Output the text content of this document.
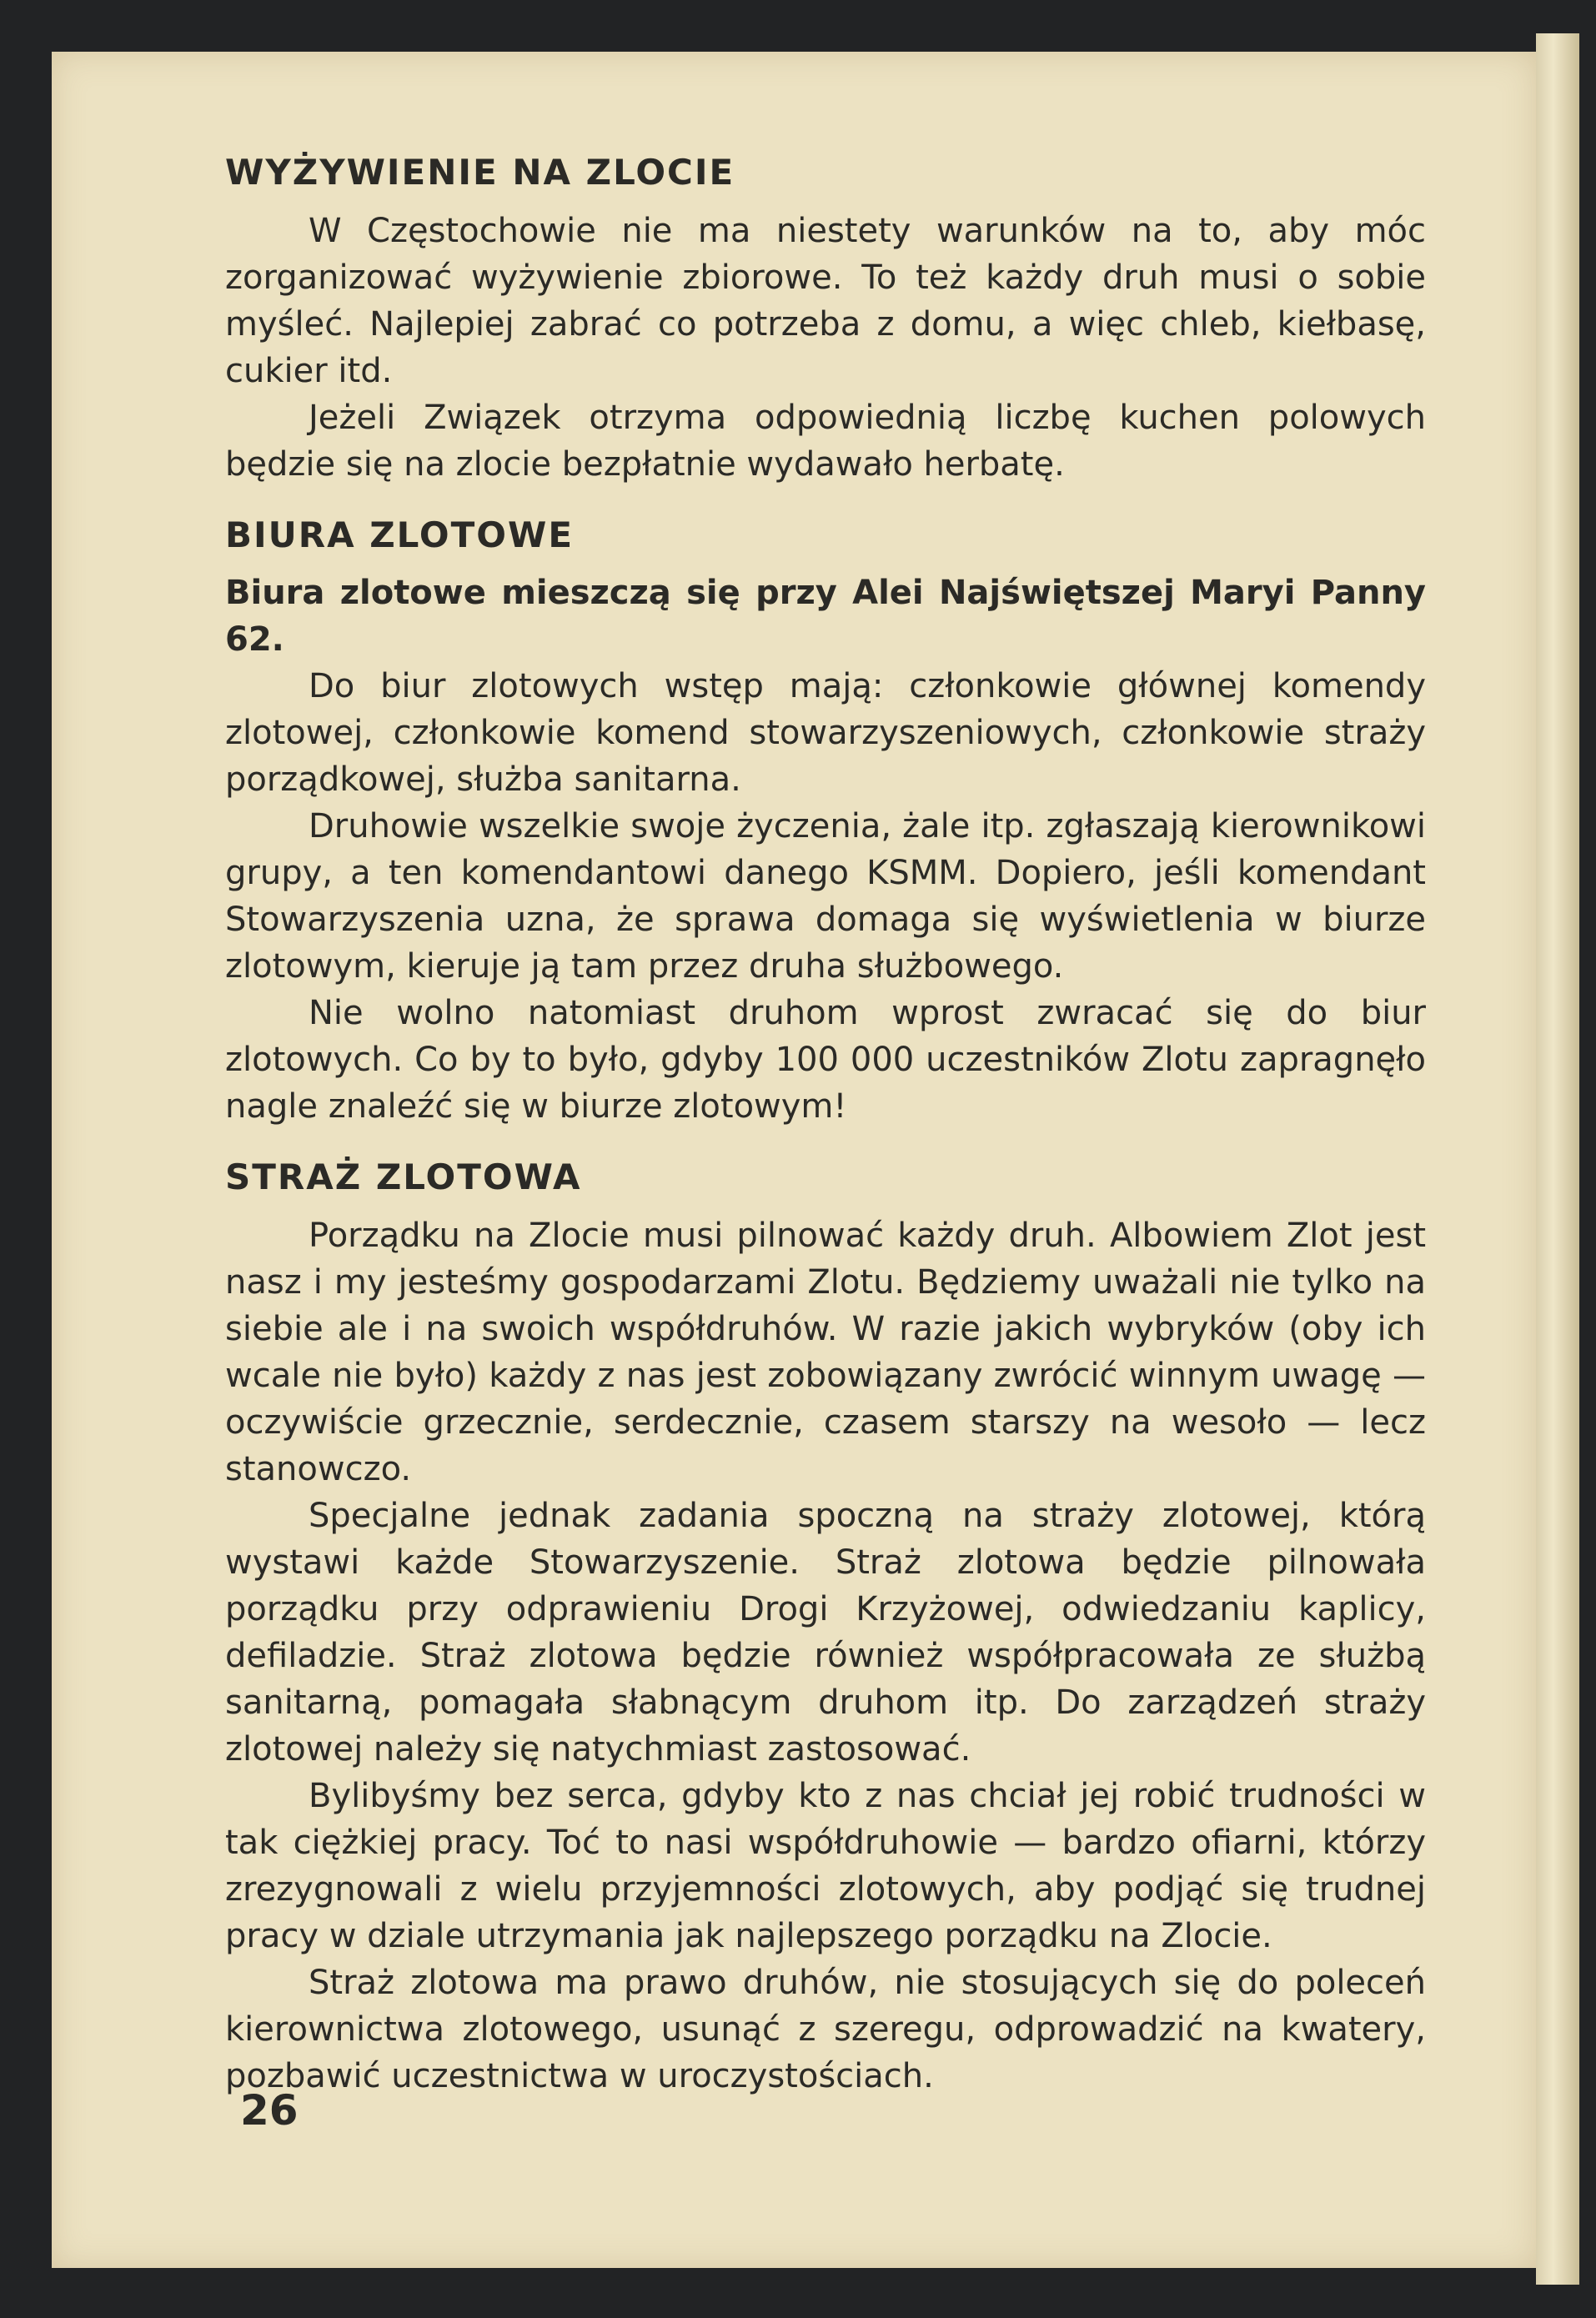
WYŻYWIENIE NA ZLOCIE

W Częstochowie nie ma niestety warunków na to, aby móc zorganizować wyżywienie zbiorowe. To też każdy druh musi o sobie myśleć. Najlepiej zabrać co potrzeba z domu, a więc chleb, kiełbasę, cukier itd.

Jeżeli Związek otrzyma odpowiednią liczbę kuchen polowych będzie się na zlocie bezpłatnie wydawało herbatę.

BIURA ZLOTOWE

Biura zlotowe mieszczą się przy Alei Najświętszej Maryi Panny 62.

Do biur zlotowych wstęp mają: członkowie głównej komendy zlotowej, członkowie komend stowarzyszeniowych, członkowie straży porządkowej, służba sanitarna.

Druhowie wszelkie swoje życzenia, żale itp. zgłaszają kierownikowi grupy, a ten komendantowi danego KSMM. Dopiero, jeśli komendant Stowarzyszenia uzna, że sprawa domaga się wyświetlenia w biurze zlotowym, kieruje ją tam przez druha służbowego.

Nie wolno natomiast druhom wprost zwracać się do biur zlotowych. Co by to było, gdyby 100 000 uczestników Zlotu zapragnęło nagle znaleźć się w biurze zlotowym!

STRAŻ ZLOTOWA

Porządku na Zlocie musi pilnować każdy druh. Albowiem Zlot jest nasz i my jesteśmy gospodarzami Zlotu. Będziemy uważali nie tylko na siebie ale i na swoich współdruhów. W razie jakich wybryków (oby ich wcale nie było) każdy z nas jest zobowiązany zwrócić winnym uwagę — oczywiście grzecznie, serdecznie, czasem starszy na wesoło — lecz stanowczo.

Specjalne jednak zadania spoczną na straży zlotowej, którą wystawi każde Stowarzyszenie. Straż zlotowa będzie pilnowała porządku przy odprawieniu Drogi Krzyżowej, odwiedzaniu kaplicy, defiladzie. Straż zlotowa będzie również współpracowała ze służbą sanitarną, pomagała słabnącym druhom itp. Do zarządzeń straży zlotowej należy się natychmiast zastosować.

Bylibyśmy bez serca, gdyby kto z nas chciał jej robić trudności w tak ciężkiej pracy. Toć to nasi współdruhowie — bardzo ofiarni, którzy zrezygnowali z wielu przyjemności zlotowych, aby podjąć się trudnej pracy w dziale utrzymania jak najlepszego porządku na Zlocie.

Straż zlotowa ma prawo druhów, nie stosujących się do poleceń kierownictwa zlotowego, usunąć z szeregu, odprowadzić na kwatery, pozbawić uczestnictwa w uroczystościach.

26
